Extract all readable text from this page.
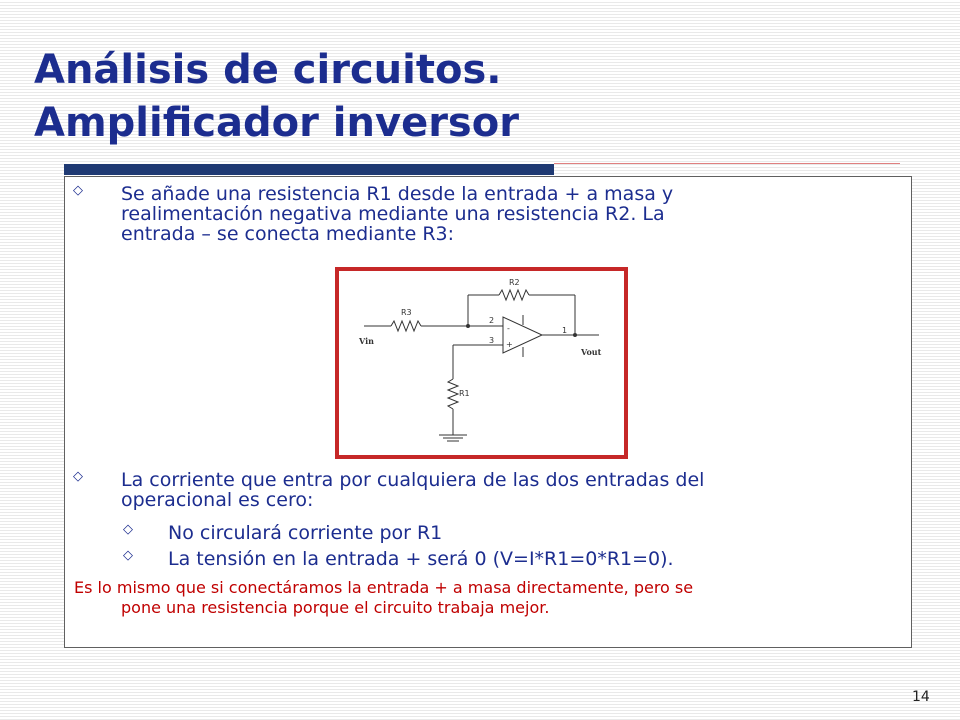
Análisis de circuitos.
Amplificador inversor
◇ Se añade una resistencia R1 desde la entrada + a masa y
realimentación negativa mediante una resistencia R2. La
entrada – se conecta mediante R3:
R2
R3
R1
2
3
1
-
+
Vin
Vout
◇ La corriente que entra por cualquiera de las dos entradas del
operacional es cero:
◇ No circulará corriente por R1
◇ La tensión en la entrada + será 0 (V=I*R1=0*R1=0).
Es lo mismo que si conectáramos la entrada + a masa directamente, pero se
pone una resistencia porque el circuito trabaja mejor.
14
